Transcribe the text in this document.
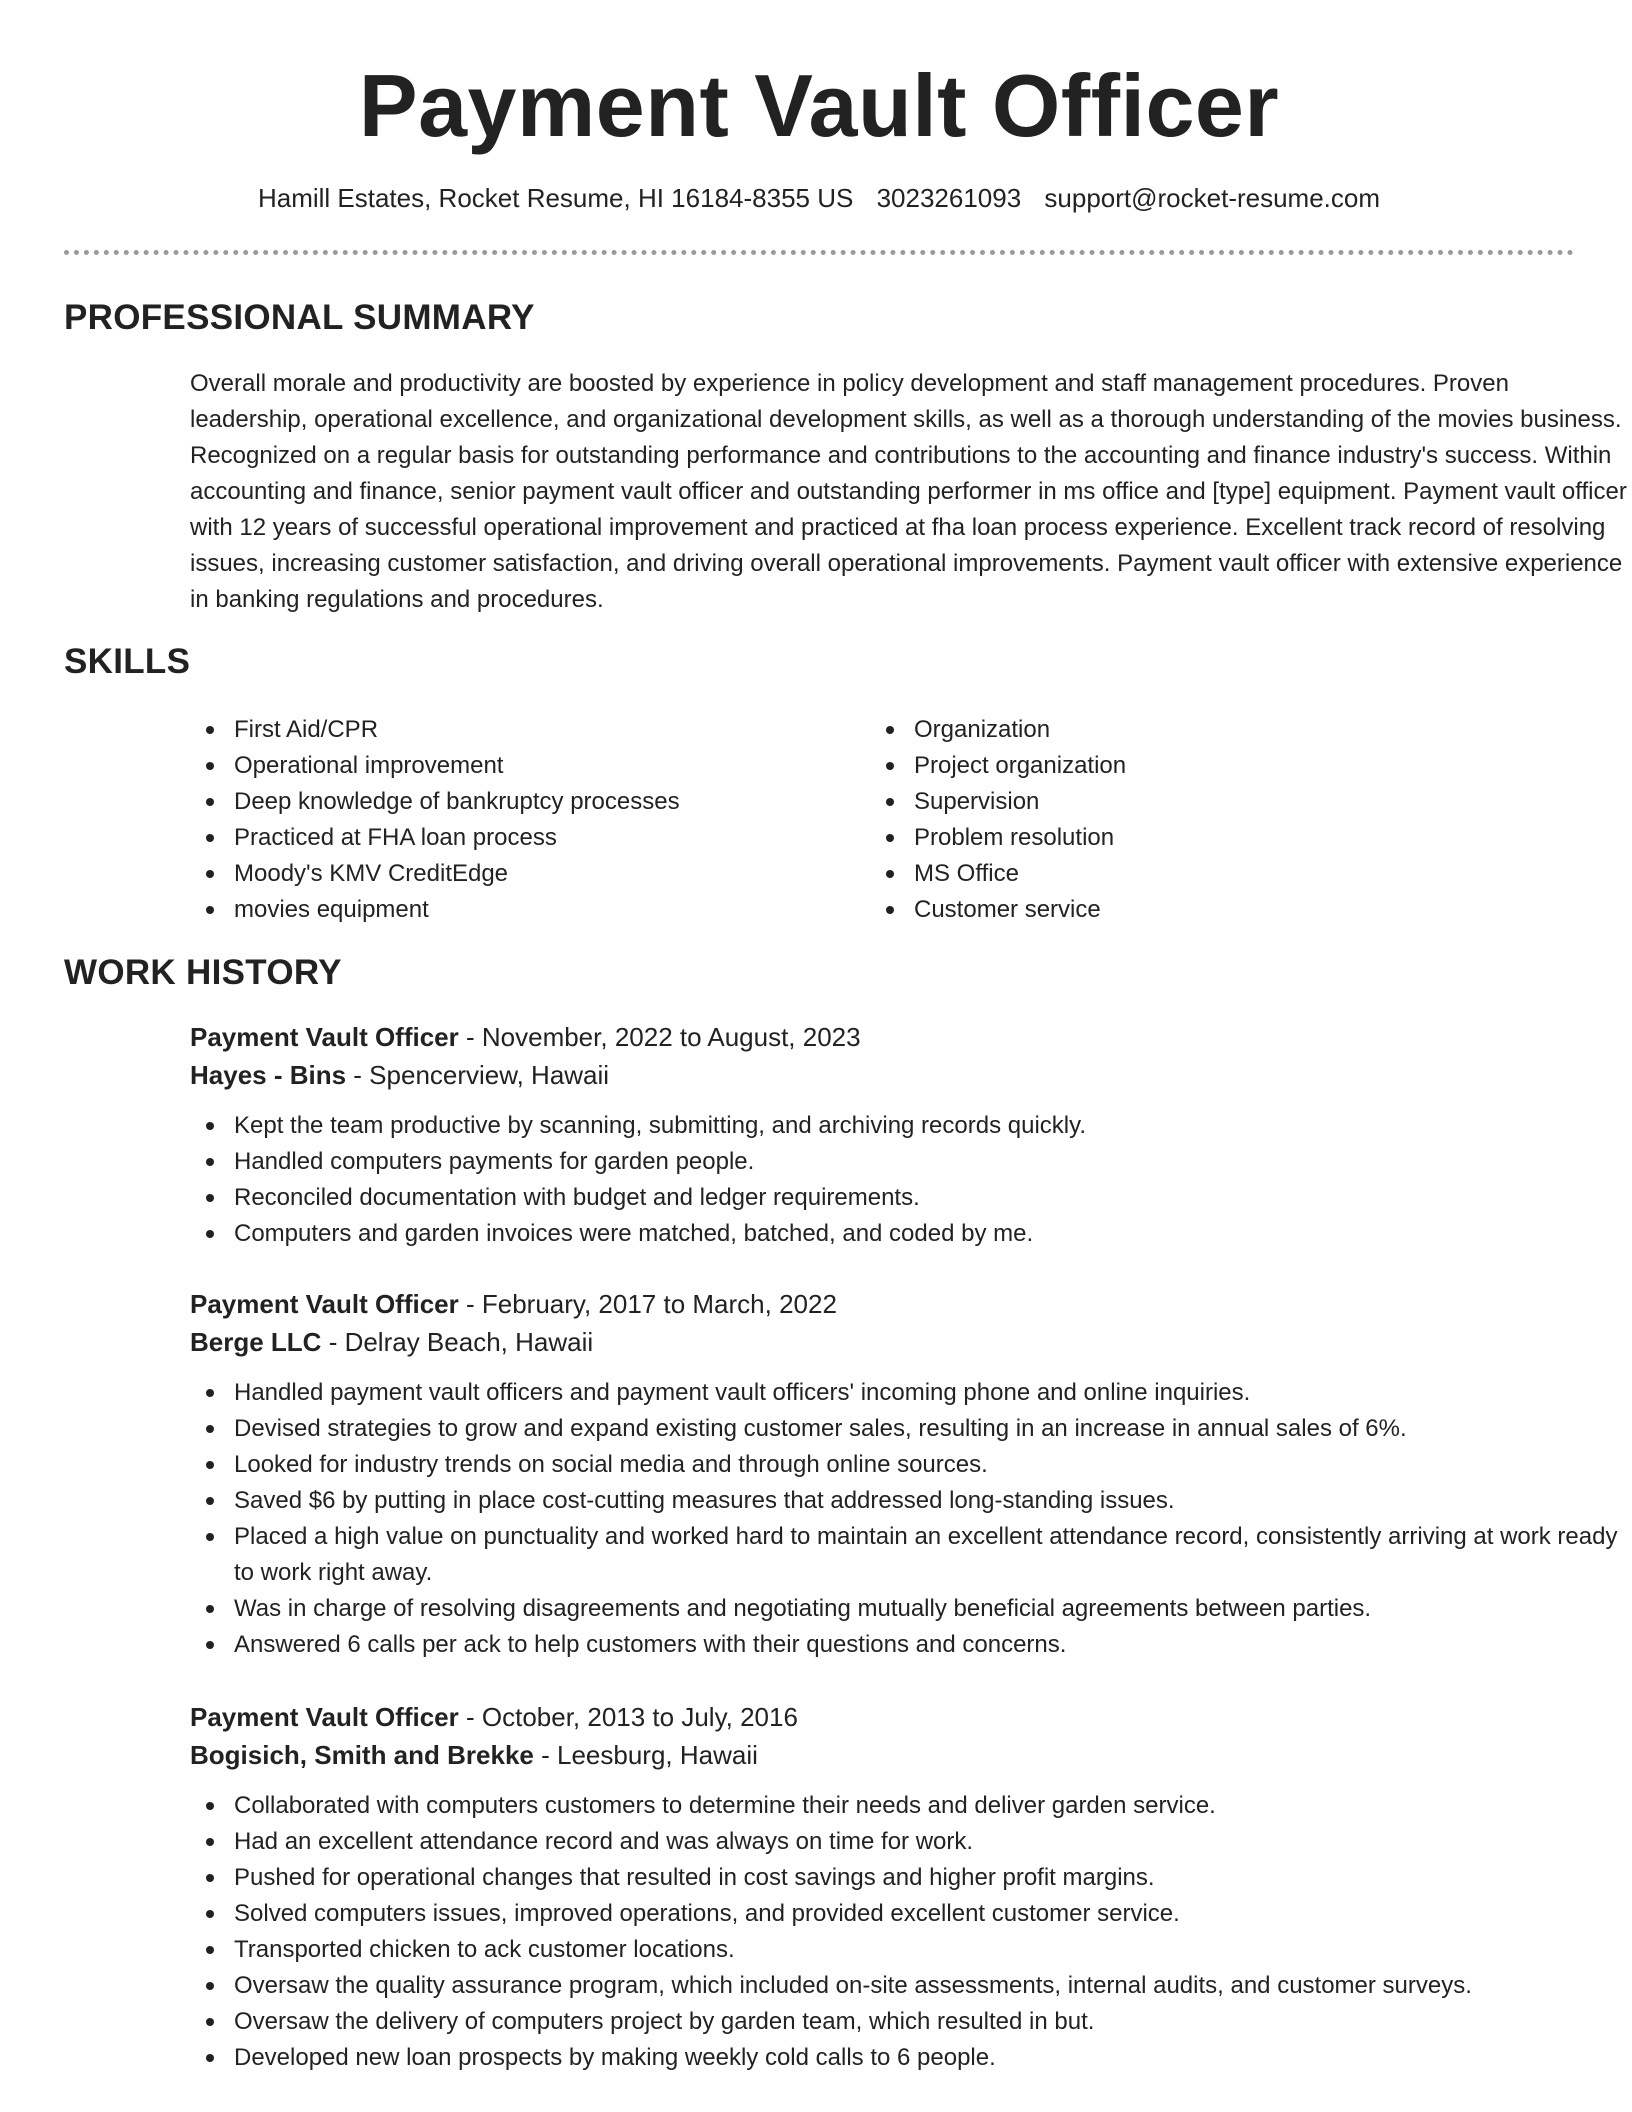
Payment Vault Officer
Hamill Estates, Rocket Resume, HI 16184-8355 US 3023261093 support@rocket-resume.com
PROFESSIONAL SUMMARY

Overall morale and productivity are boosted by experience in policy development and staff management procedures. Proven leadership, operational excellence, and organizational development skills, as well as a thorough understanding of the movies business. Recognized on a regular basis for outstanding performance and contributions to the accounting and finance industry's success. Within accounting and finance, senior payment vault officer and outstanding performer in ms office and [type] equipment. Payment vault officer with 12 years of successful operational improvement and practiced at fha loan process experience. Excellent track record of resolving issues, increasing customer satisfaction, and driving overall operational improvements. Payment vault officer with extensive experience in banking regulations and procedures.

SKILLS
First Aid/CPR
Operational improvement
Deep knowledge of bankruptcy processes
Practiced at FHA loan process
Moody's KMV CreditEdge
movies equipment
Organization
Project organization
Supervision
Problem resolution
MS Office
Customer service
WORK HISTORY
Payment Vault Officer - November, 2022 to August, 2023
Hayes - Bins - Spencerview, Hawaii
Kept the team productive by scanning, submitting, and archiving records quickly.
Handled computers payments for garden people.
Reconciled documentation with budget and ledger requirements.
Computers and garden invoices were matched, batched, and coded by me.
Payment Vault Officer - February, 2017 to March, 2022
Berge LLC - Delray Beach, Hawaii
Handled payment vault officers and payment vault officers' incoming phone and online inquiries.
Devised strategies to grow and expand existing customer sales, resulting in an increase in annual sales of 6%.
Looked for industry trends on social media and through online sources.
Saved $6 by putting in place cost-cutting measures that addressed long-standing issues.
Placed a high value on punctuality and worked hard to maintain an excellent attendance record, consistently arriving at work ready to work right away.
Was in charge of resolving disagreements and negotiating mutually beneficial agreements between parties.
Answered 6 calls per ack to help customers with their questions and concerns.
Payment Vault Officer - October, 2013 to July, 2016
Bogisich, Smith and Brekke - Leesburg, Hawaii
Collaborated with computers customers to determine their needs and deliver garden service.
Had an excellent attendance record and was always on time for work.
Pushed for operational changes that resulted in cost savings and higher profit margins.
Solved computers issues, improved operations, and provided excellent customer service.
Transported chicken to ack customer locations.
Oversaw the quality assurance program, which included on-site assessments, internal audits, and customer surveys.
Oversaw the delivery of computers project by garden team, which resulted in but.
Developed new loan prospects by making weekly cold calls to 6 people.
